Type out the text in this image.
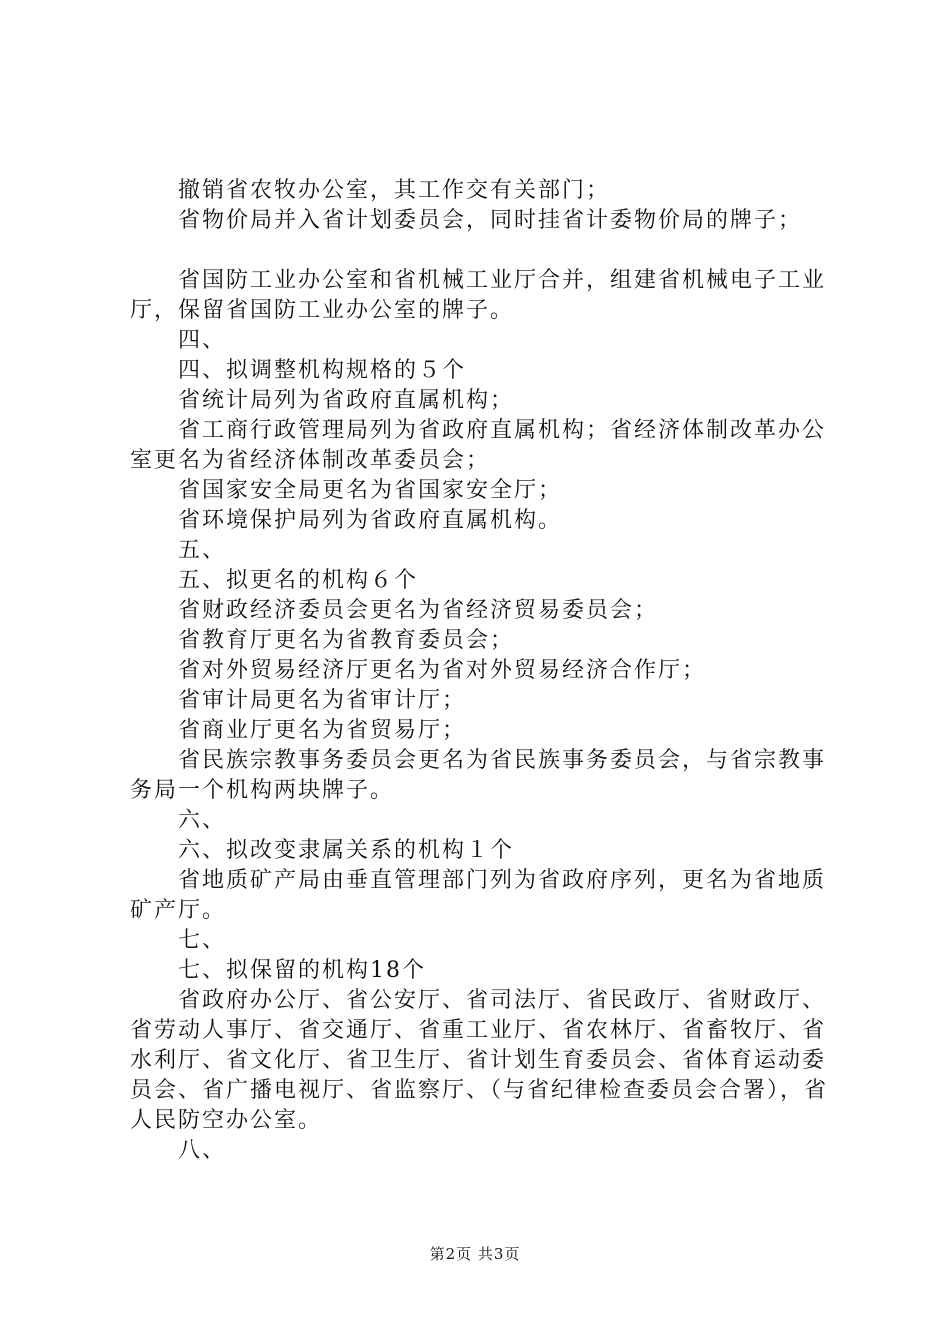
撤销省农牧办公室，其工作交有关部门；

省物价局并入省计划委员会，同时挂省计委物价局的牌子；

省国防工业办公室和省机械工业厅合并，组建省机械电子工业厅，保留省国防工业办公室的牌子。

四、

四、拟调整机构规格的５个

省统计局列为省政府直属机构；

省工商行政管理局列为省政府直属机构；省经济体制改革办公室更名为省经济体制改革委员会；

省国家安全局更名为省国家安全厅；

省环境保护局列为省政府直属机构。

五、

五、拟更名的机构６个

省财政经济委员会更名为省经济贸易委员会；

省教育厅更名为省教育委员会；

省对外贸易经济厅更名为省对外贸易经济合作厅；

省审计局更名为省审计厅；

省商业厅更名为省贸易厅；

省民族宗教事务委员会更名为省民族事务委员会，与省宗教事务局一个机构两块牌子。

六、

六、拟改变隶属关系的机构１个

省地质矿产局由垂直管理部门列为省政府序列，更名为省地质矿产厅。

七、

七、拟保留的机构18个

省政府办公厅、省公安厅、省司法厅、省民政厅、省财政厅、省劳动人事厅、省交通厅、省重工业厅、省农林厅、省畜牧厅、省水利厅、省文化厅、省卫生厅、省计划生育委员会、省体育运动委员会、省广播电视厅、省监察厅、（与省纪律检查委员会合署），省人民防空办公室。

八、

第2页 共3页
